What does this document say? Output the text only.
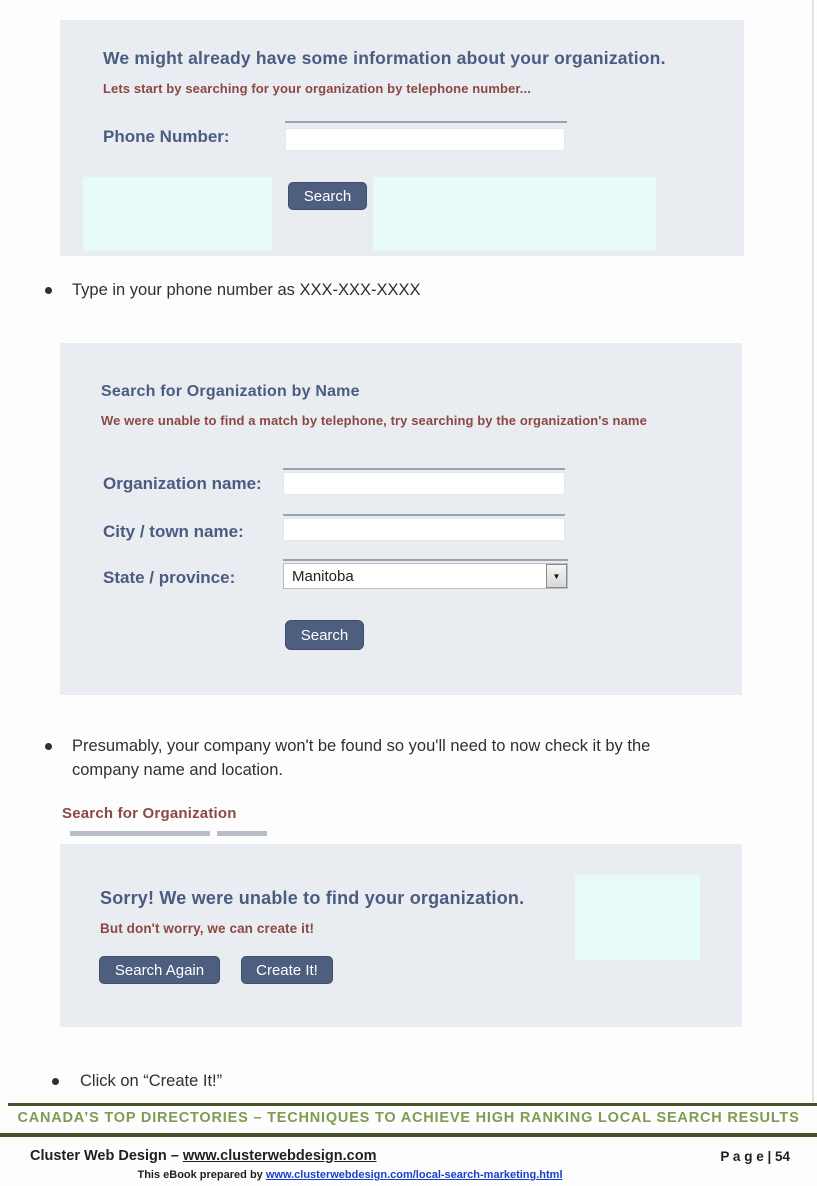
We might already have some information about your organization.
Lets start by searching for your organization by telephone number...
Phone Number:
Search
Type in your phone number as XXX-XXX-XXXX
Search for Organization by Name
We were unable to find a match by telephone, try searching by the organization's name
Organization name:
City / town name:
State / province:	Manitoba	▼
Search
Presumably, your company won't be found so you'll need to now check it by the company name and location.
Search for Organization
Sorry! We were unable to find your organization.
But don't worry, we can create it!
Search Again	Create It!
Click on “Create It!”
CANADA’S TOP DIRECTORIES – TECHNIQUES TO ACHIEVE HIGH RANKING LOCAL SEARCH RESULTS
Cluster Web Design – www.clusterwebdesign.com	P a g e | 54
This eBook prepared by www.clusterwebdesign.com/local-search-marketing.html
